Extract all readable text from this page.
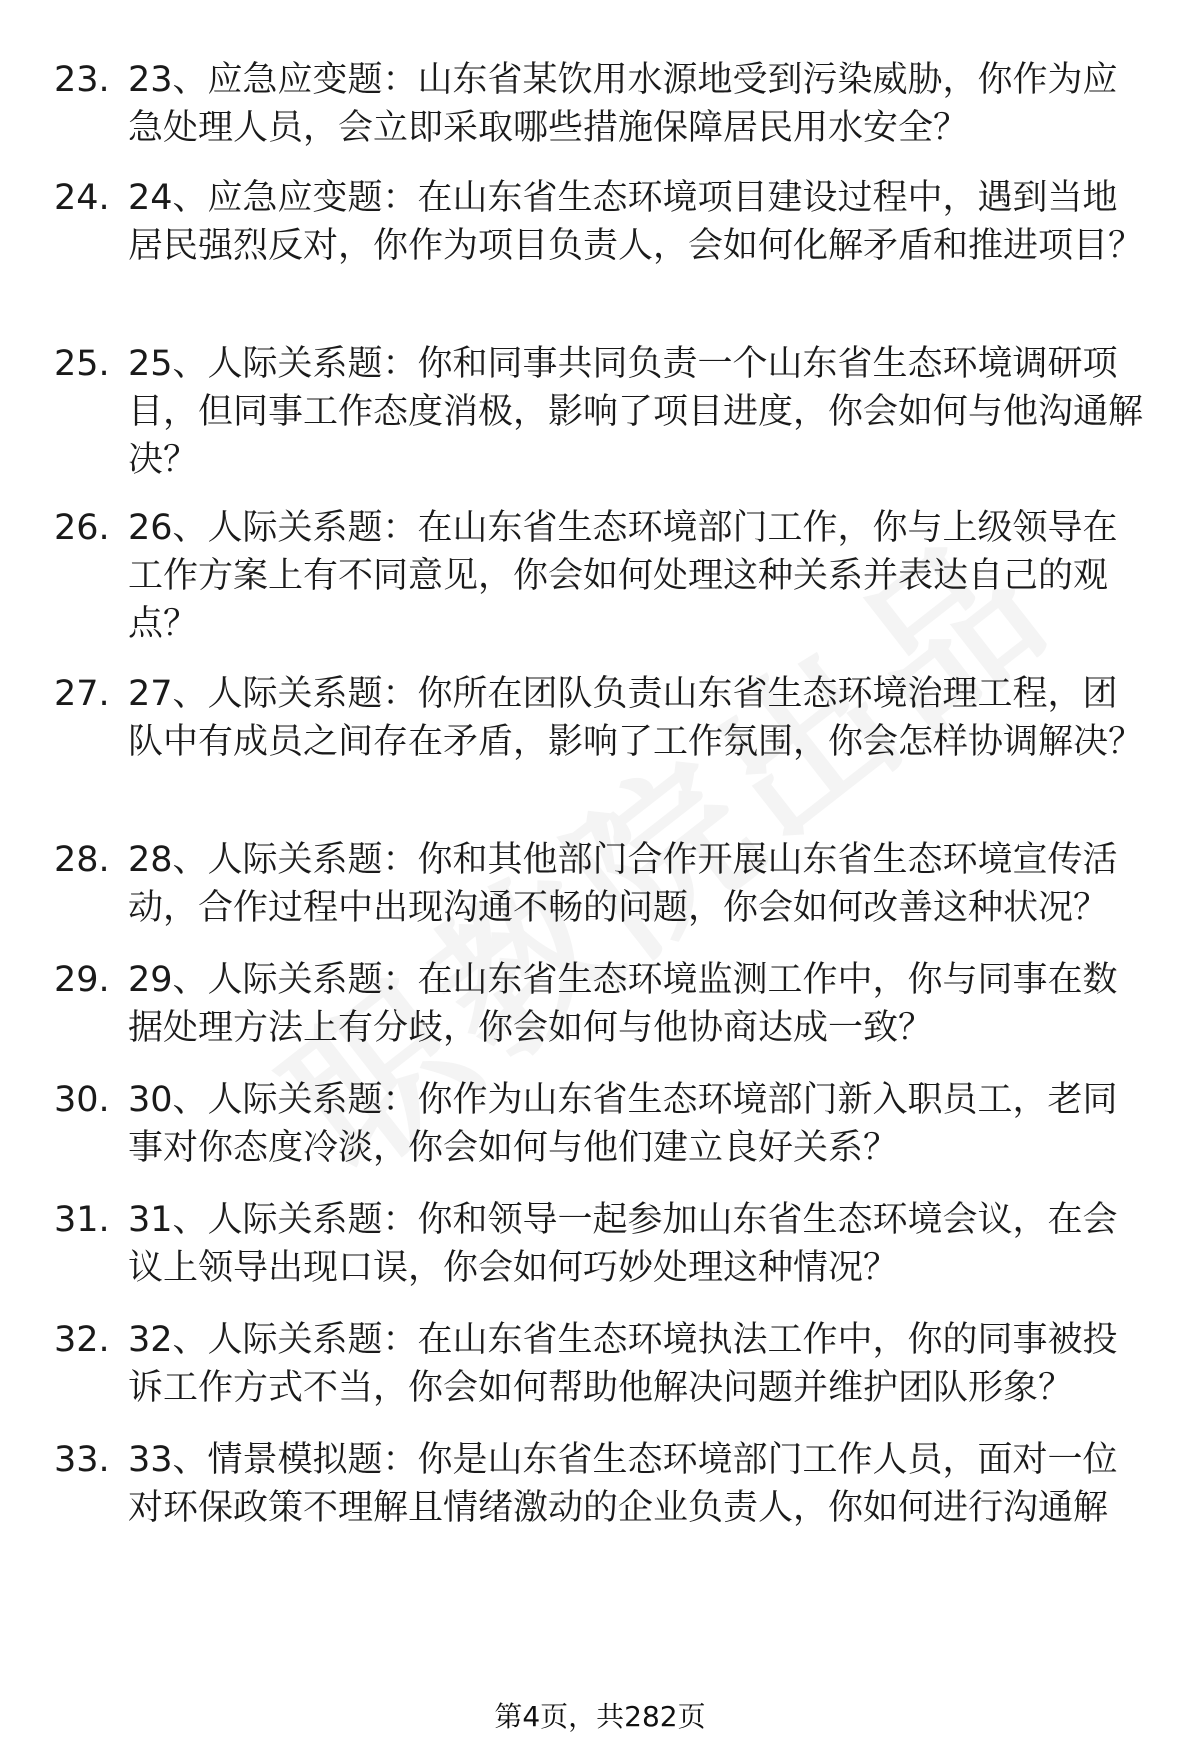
23. 23、应急应变题：山东省某饮用水源地受到污染威胁，你作为应急处理人员，会立即采取哪些措施保障居民用水安全？
24. 24、应急应变题：在山东省生态环境项目建设过程中，遇到当地居民强烈反对，你作为项目负责人，会如何化解矛盾和推进项目？
25. 25、人际关系题：你和同事共同负责一个山东省生态环境调研项目，但同事工作态度消极，影响了项目进度，你会如何与他沟通解决？
26. 26、人际关系题：在山东省生态环境部门工作，你与上级领导在工作方案上有不同意见，你会如何处理这种关系并表达自己的观点？
27. 27、人际关系题：你所在团队负责山东省生态环境治理工程，团队中有成员之间存在矛盾，影响了工作氛围，你会怎样协调解决？
28. 28、人际关系题：你和其他部门合作开展山东省生态环境宣传活动，合作过程中出现沟通不畅的问题，你会如何改善这种状况？
29. 29、人际关系题：在山东省生态环境监测工作中，你与同事在数据处理方法上有分歧，你会如何与他协商达成一致？
30. 30、人际关系题：你作为山东省生态环境部门新入职员工，老同事对你态度冷淡，你会如何与他们建立良好关系？
31. 31、人际关系题：你和领导一起参加山东省生态环境会议，在会议上领导出现口误，你会如何巧妙处理这种情况？
32. 32、人际关系题：在山东省生态环境执法工作中，你的同事被投诉工作方式不当，你会如何帮助他解决问题并维护团队形象？
33. 33、情景模拟题：你是山东省生态环境部门工作人员，面对一位对环保政策不理解且情绪激动的企业负责人，你如何进行沟通解
第4页，共282页
